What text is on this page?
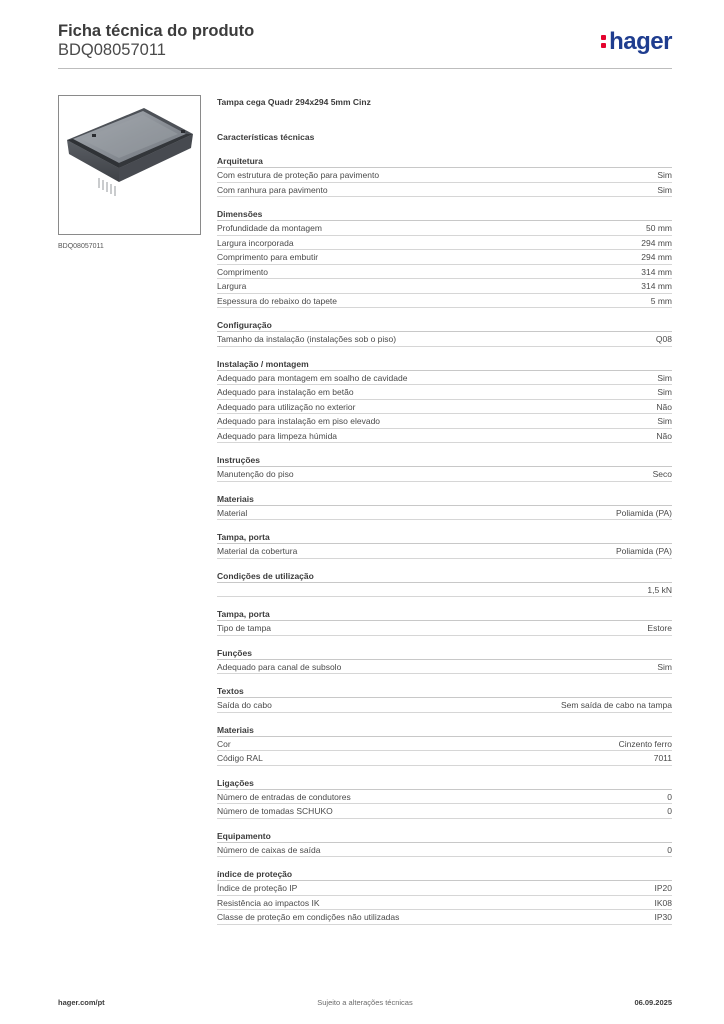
Ficha técnica do produto
BDQ08057011	hager
BDQ08057011
Tampa cega Quadr 294x294 5mm Cinz
Características técnicas
Arquitetura
Com estrutura de proteção para pavimento	Sim
Com ranhura para pavimento	Sim
Dimensões
Profundidade da montagem	50 mm
Largura incorporada	294 mm
Comprimento para embutir	294 mm
Comprimento	314 mm
Largura	314 mm
Espessura do rebaixo do tapete	5 mm
Configuração
Tamanho da instalação (instalações sob o piso)	Q08
Instalação / montagem
Adequado para montagem em soalho de cavidade	Sim
Adequado para instalação em betão	Sim
Adequado para utilização no exterior	Não
Adequado para instalação em piso elevado	Sim
Adequado para limpeza húmida	Não
Instruções
Manutenção do piso	Seco
Materiais
Material	Poliamida (PA)
Tampa, porta
Material da cobertura	Poliamida (PA)
Condições de utilização
1,5 kN
Tampa, porta
Tipo de tampa	Estore
Funções
Adequado para canal de subsolo	Sim
Textos
Saída do cabo	Sem saída de cabo na tampa
Materiais
Cor	Cinzento ferro
Código RAL	7011
Ligações
Número de entradas de condutores	0
Número de tomadas SCHUKO	0
Equipamento
Número de caixas de saída	0
índice de proteção
Índice de proteção IP	IP20
Resistência ao impactos IK	IK08
Classe de proteção em condições não utilizadas	IP30
hager.com/pt	Sujeito a alterações técnicas	06.09.2025
